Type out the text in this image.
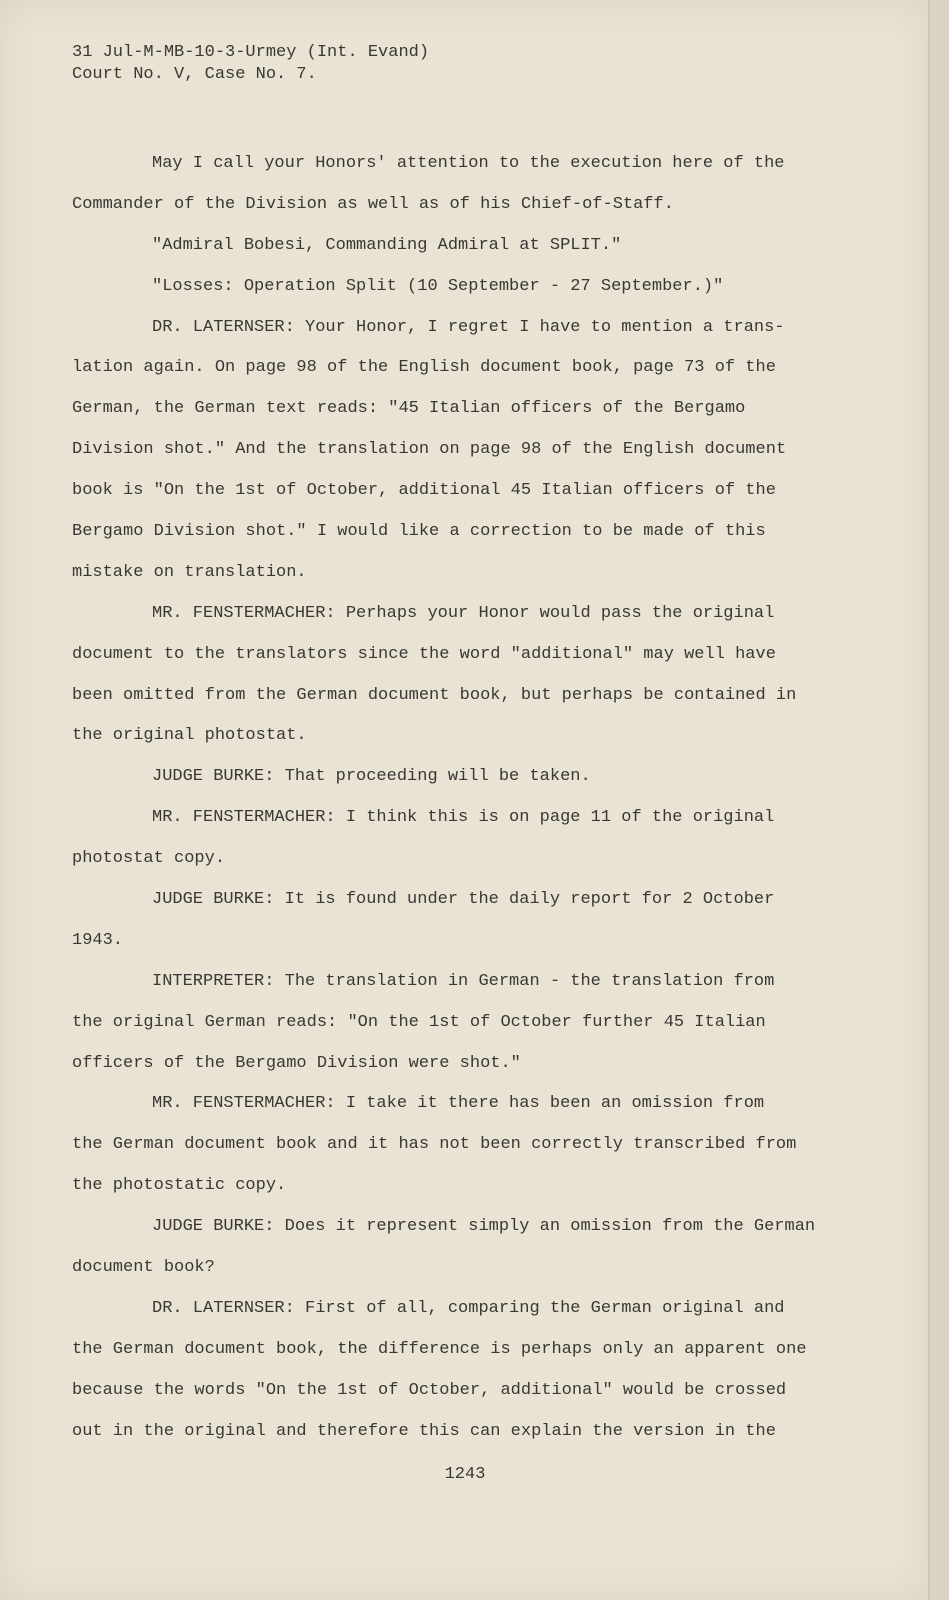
31 Jul-M-MB-10-3-Urmey (Int. Evand)
Court No. V, Case No. 7.
May I call your Honors' attention to the execution here of the
Commander of the Division as well as of his Chief-of-Staff.
"Admiral Bobesi, Commanding Admiral at SPLIT."
"Losses: Operation Split (10 September - 27 September.)"
DR. LATERNSER: Your Honor, I regret I have to mention a trans-
lation again. On page 98 of the English document book, page 73 of the
German, the German text reads: "45 Italian officers of the Bergamo
Division shot." And the translation on page 98 of the English document
book is "On the 1st of October, additional 45 Italian officers of the
Bergamo Division shot." I would like a correction to be made of this
mistake on translation.
MR. FENSTERMACHER: Perhaps your Honor would pass the original
document to the translators since the word "additional" may well have
been omitted from the German document book, but perhaps be contained in
the original photostat.
JUDGE BURKE: That proceeding will be taken.
MR. FENSTERMACHER: I think this is on page 11 of the original
photostat copy.
JUDGE BURKE: It is found under the daily report for 2 October
1943.
INTERPRETER: The translation in German - the translation from
the original German reads: "On the 1st of October further 45 Italian
officers of the Bergamo Division were shot."
MR. FENSTERMACHER: I take it there has been an omission from
the German document book and it has not been correctly transcribed from
the photostatic copy.
JUDGE BURKE: Does it represent simply an omission from the German
document book?
DR. LATERNSER: First of all, comparing the German original and
the German document book, the difference is perhaps only an apparent one
because the words "On the 1st of October, additional" would be crossed
out in the original and therefore this can explain the version in the
1243
